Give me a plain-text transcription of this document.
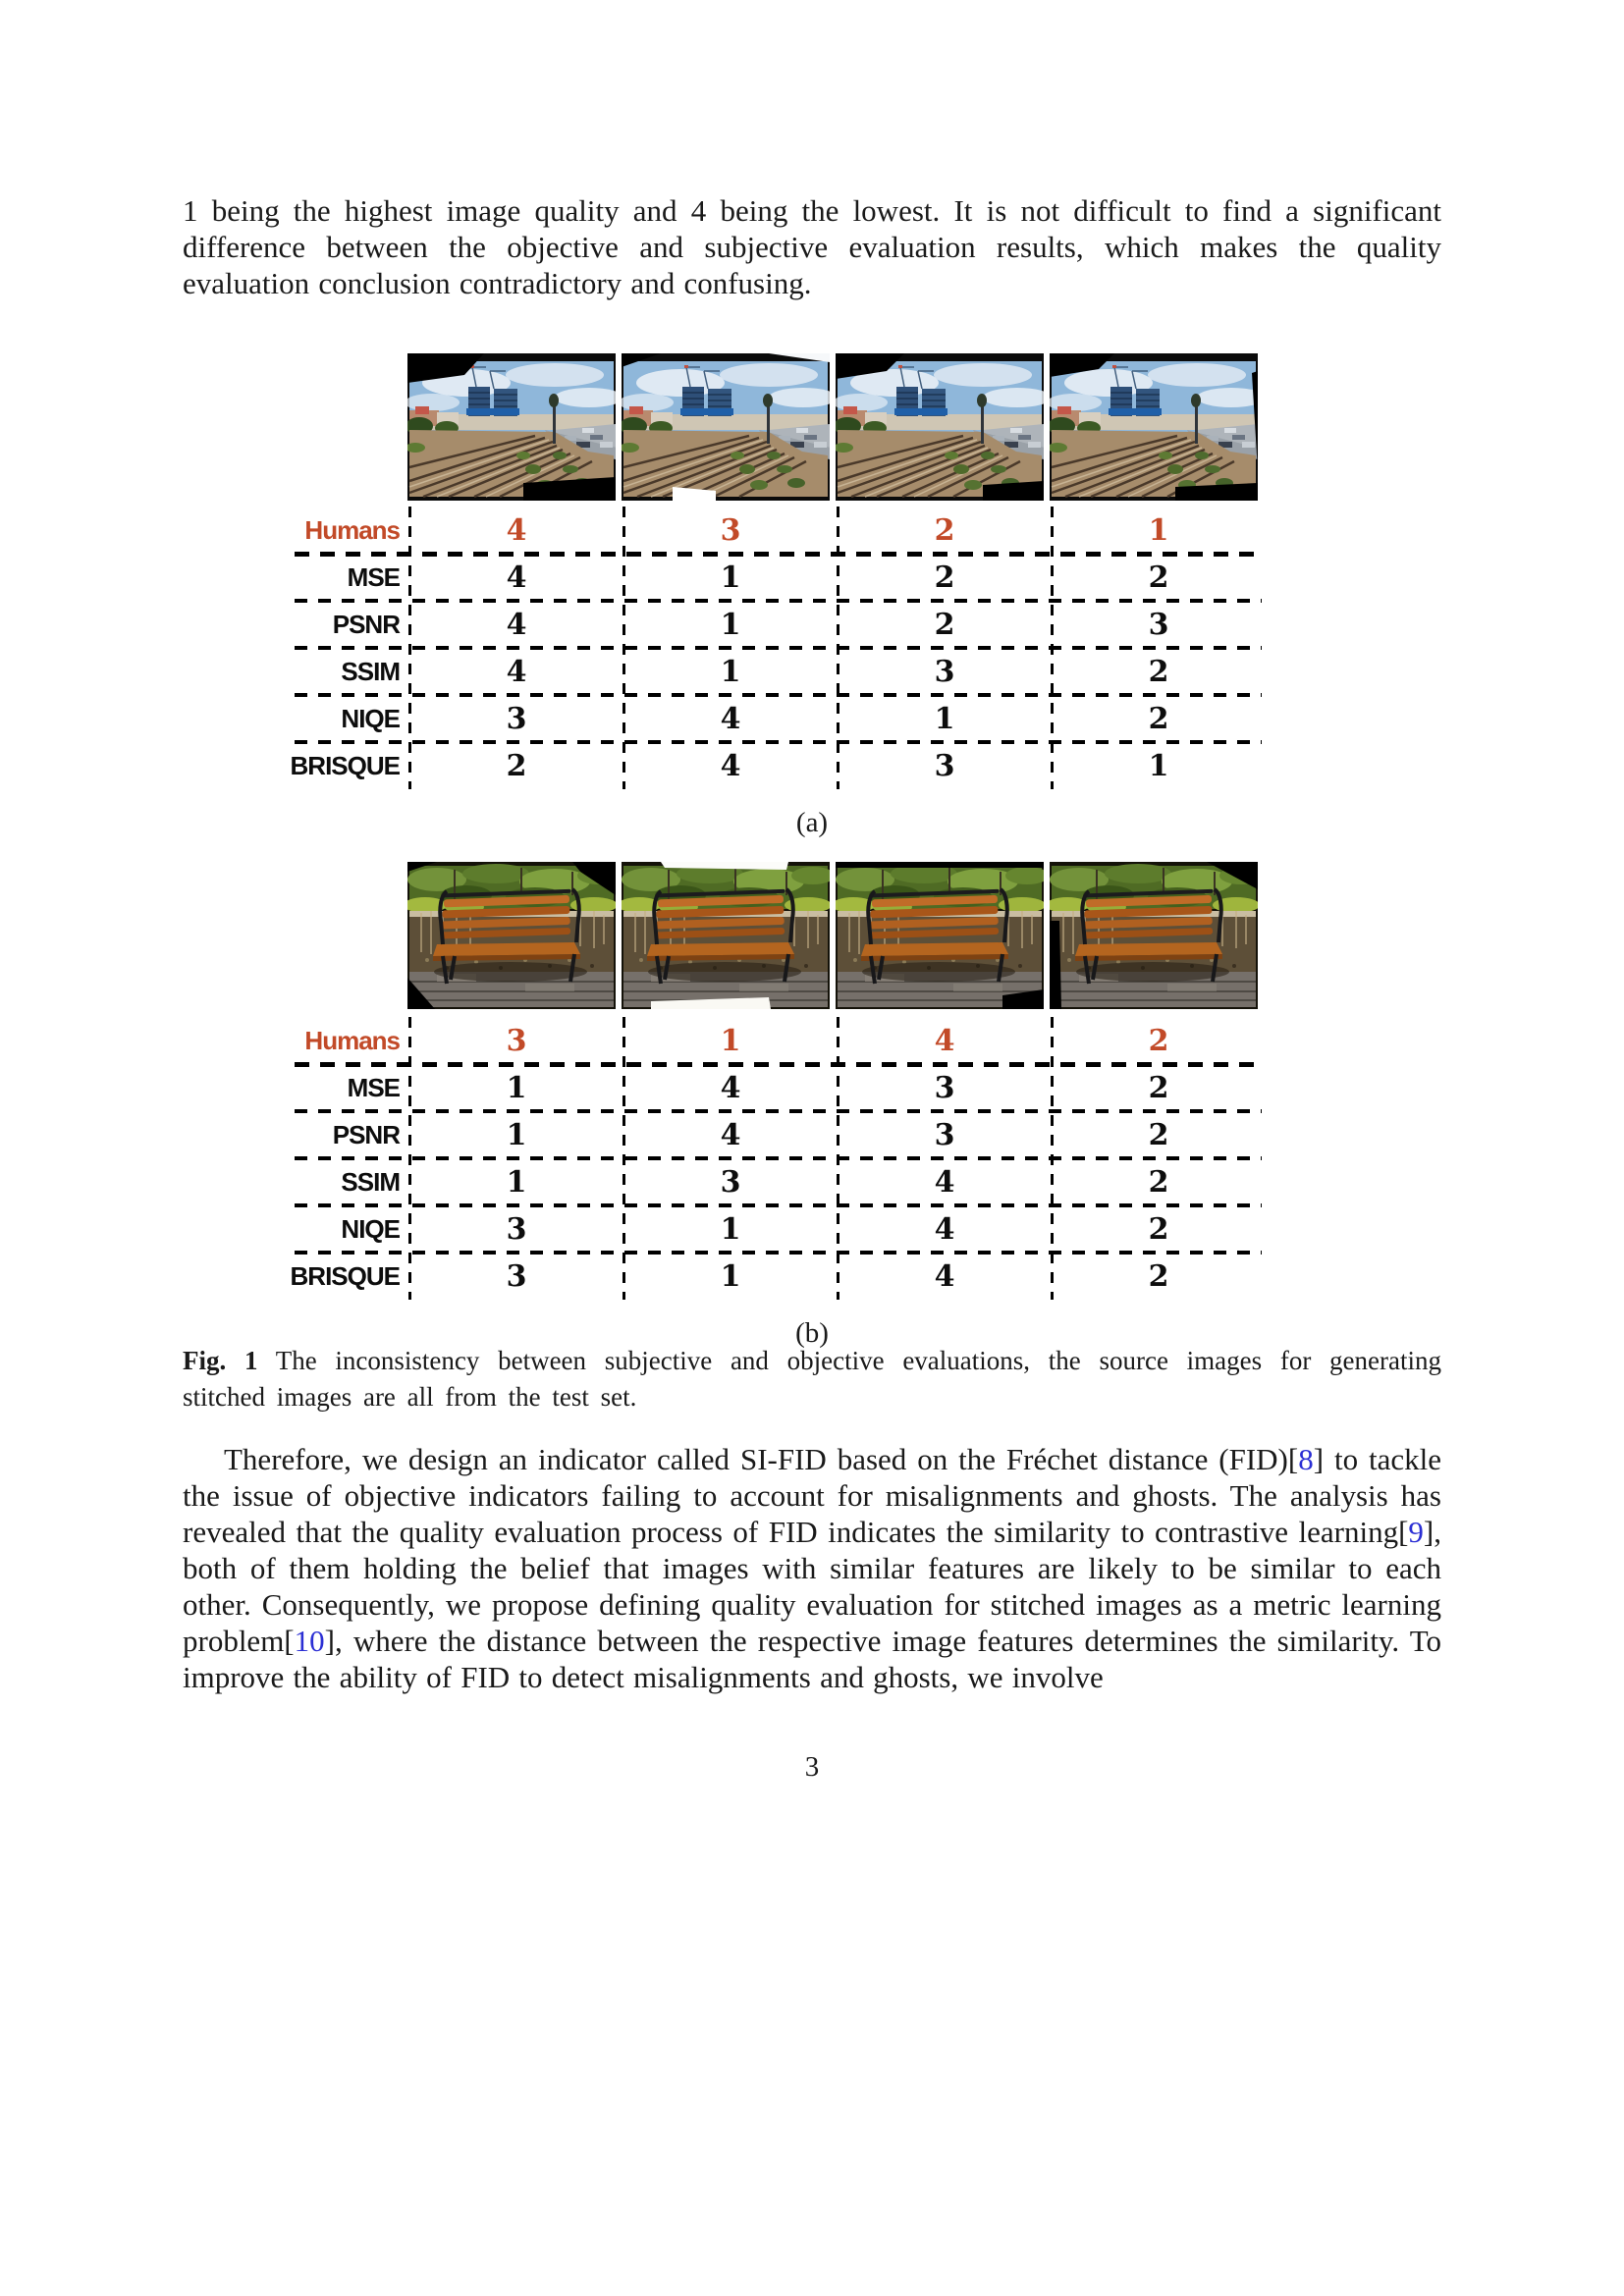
1 being the highest image quality and 4 being the lowest. It is not difficult to find a significant difference between the objective and subjective evaluation results, which makes the quality evaluation conclusion contradictory and confusing.

Humans	4	3	2	1
MSE	4	1	2	2
PSNR	4	1	2	3
SSIM	4	1	3	2
NIQE	3	4	1	2
BRISQUE	2	4	3	1
(a)
Humans	3	1	4	2
MSE	1	4	3	2
PSNR	1	4	3	2
SSIM	1	3	4	2
NIQE	3	1	4	2
BRISQUE	3	1	4	2
(b)

Fig. 1 The inconsistency between subjective and objective evaluations, the source images for generating stitched images are all from the test set.

Therefore, we design an indicator called SI-FID based on the Fréchet distance (FID)[8] to tackle the issue of objective indicators failing to account for misalignments and ghosts. The analysis has revealed that the quality evaluation process of FID indicates the similarity to contrastive learning[9], both of them holding the belief that images with similar features are likely to be similar to each other. Consequently, we propose defining quality evaluation for stitched images as a metric learning problem[10], where the distance between the respective image features determines the similarity. To improve the ability of FID to detect misalignments and ghosts, we involve

3
